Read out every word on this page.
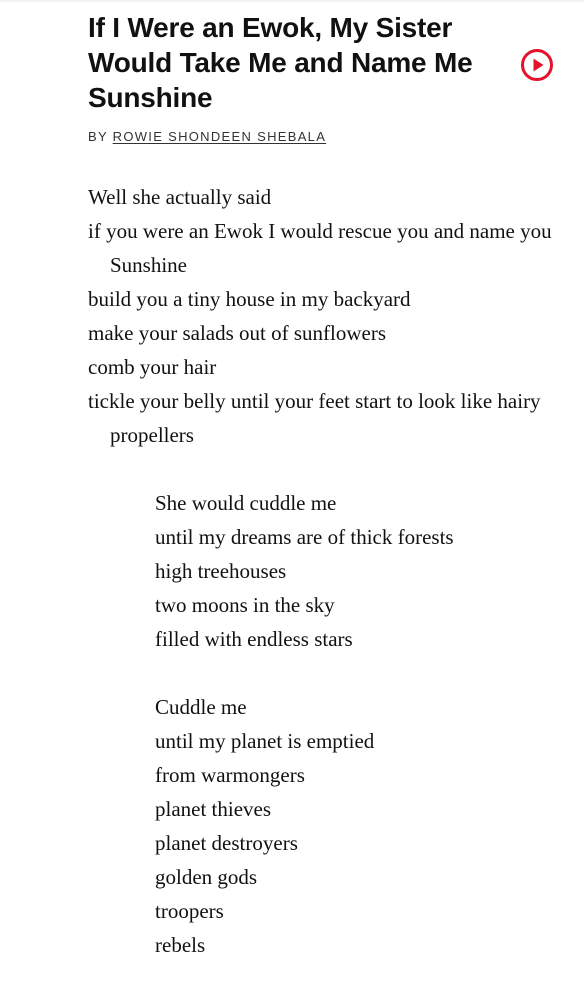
If I Were an Ewok, My Sister Would Take Me and Name Me Sunshine
BY ROWIE SHONDEEN SHEBALA

Well she actually said

if you were an Ewok I would rescue you and name you Sunshine

build you a tiny house in my backyard

make your salads out of sunflowers

comb your hair

tickle your belly until your feet start to look like hairy propellers

She would cuddle me

until my dreams are of thick forests

high treehouses

two moons in the sky

filled with endless stars

Cuddle me

until my planet is emptied

from warmongers

planet thieves

planet destroyers

golden gods

troopers

rebels
